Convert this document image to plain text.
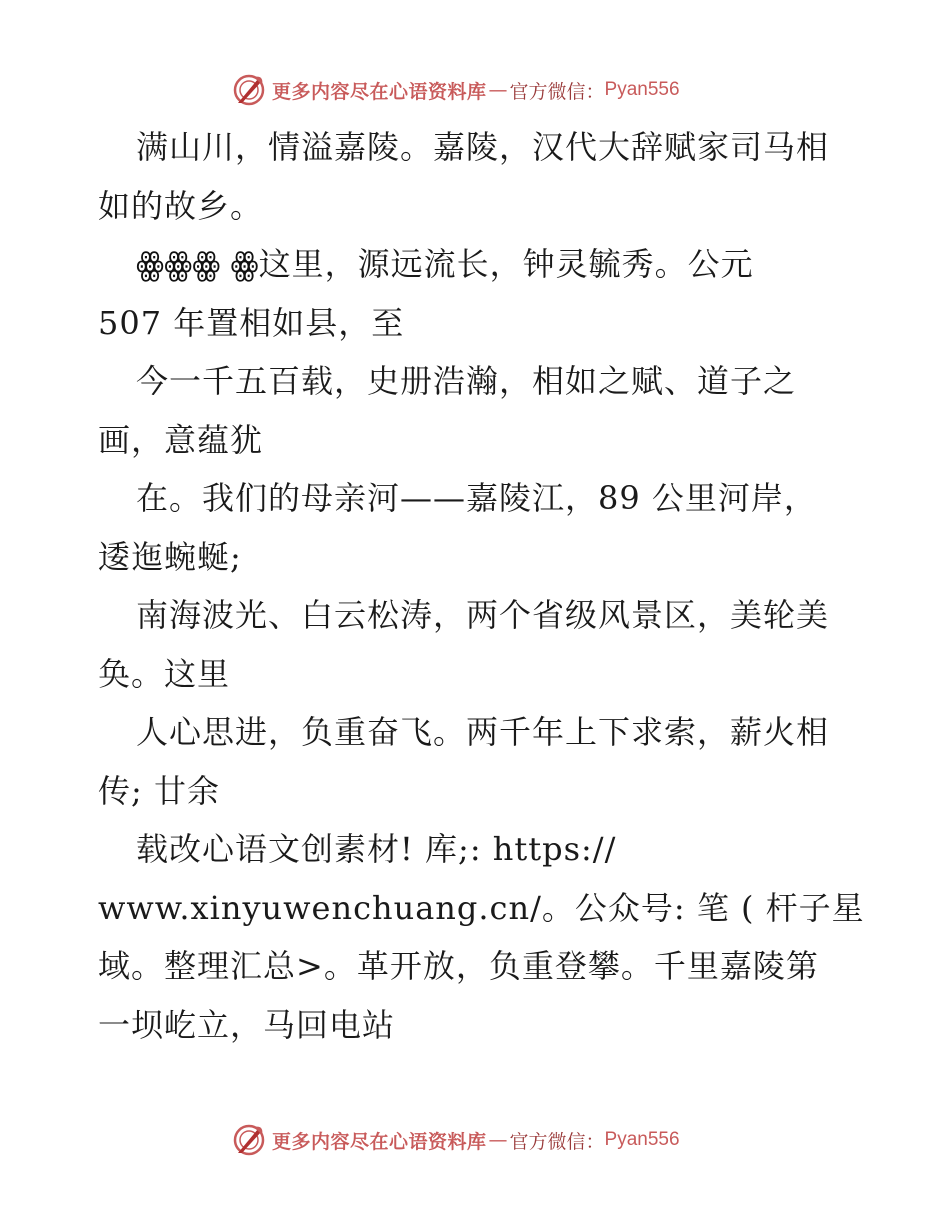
更多内容尽在心语资料库 — 官方微信： Pyan556
满山川，情溢嘉陵。嘉陵，汉代大辞赋家司马相
如的故乡。
ꙮꙮꙮ ꙮ这里，源远流长，钟灵毓秀。公元
507 年置相如县，至
今一千五百载，史册浩瀚，相如之赋、道子之
画，意蕴犹
在。我们的母亲河——嘉陵江，89 公里河岸，
逶迤蜿蜒;
南海波光、白云松涛，两个省级风景区，美轮美
奂。这里
人心思进，负重奋飞。两千年上下求索，薪火相
传; 廿余
载改心语文创素材! 库;: https://
www.xinyuwenchuang.cn/。公众号: 笔 ( 杆子星
域。整理汇总>。革开放，负重登攀。千里嘉陵第
一坝屹立，马回电站
更多内容尽在心语资料库 — 官方微信： Pyan556
